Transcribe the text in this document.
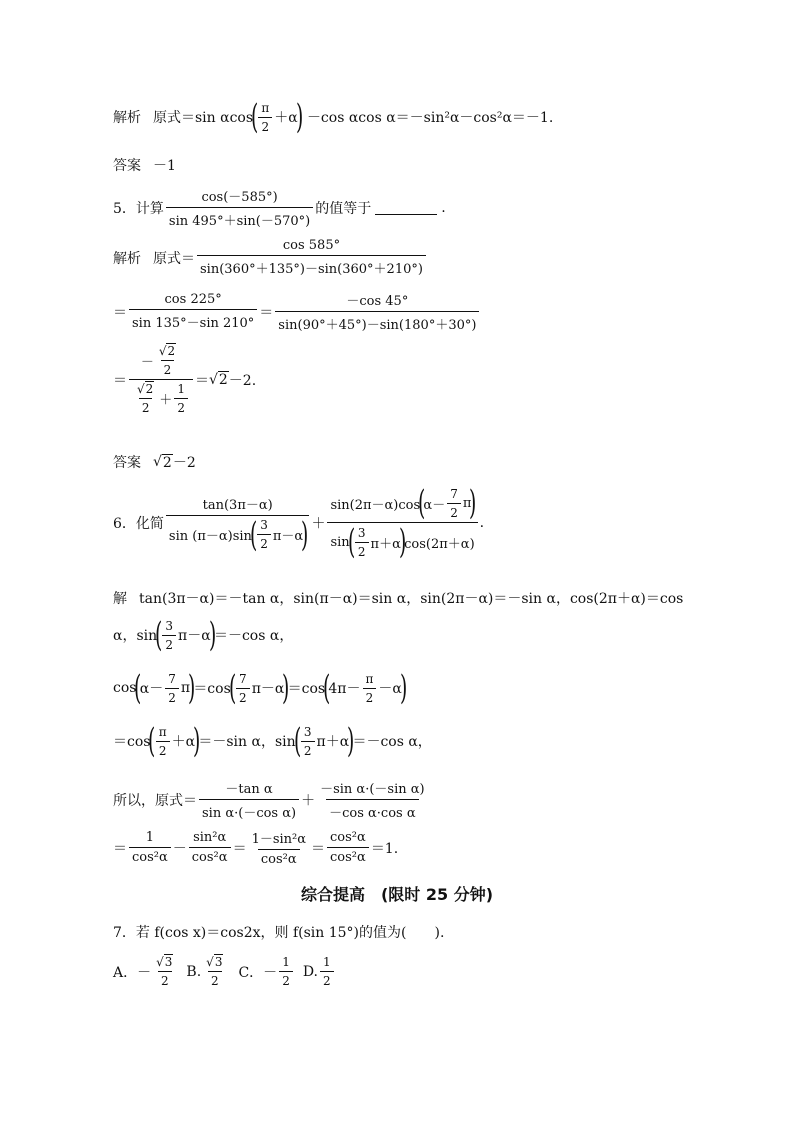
解析 原式＝sin αcos
( $\frac{\pi}{2} +\alpha$
) －cos αcos α＝－sin²α－cos²α＝－1.
答案 －1
5．计算 $\frac{\cos(-585^\circ)}{\sin 495^\circ+\sin(-570^\circ)}$ 的值等于	.
解析 原式＝ $\frac{\cos 585^\circ}{\sin(360^\circ+135^\circ)-\sin(360^\circ+210^\circ)}$
＝ $\frac{\cos 225^\circ}{\sin 135^\circ-\sin 210^\circ} = \frac{-\cos 45^\circ}{\sin(90^\circ+45^\circ)-\sin(180^\circ+30^\circ)}$
＝ $\frac{- \frac{√2}{2}}{\frac{√2}{2} + \frac{1}{2}}$ ＝ √ 2 －2.
答案 √ 2 －2
6．化简 tan(3π－α)
sin (π－α)sin
( $\frac{3}{2} \pi-\alpha$
) ＋
sin(2π－α)cos
(
$\alpha- \frac{7}{2}$ π
)
sin
( $\frac{3}{2} \pi+\alpha$
)
cos(2π＋α)
.
解 tan(3π－α)＝－tan α，sin(π－α)＝sin α，sin(2π－α)＝－sin α，cos(2π＋α)＝cos
α，sin
( $\frac{3}{2} \pi-\alpha$
)
＝－cos α，
cos
(
$\alpha- \frac{7}{2}$ π
)
＝cos
( $\frac{7}{2} \pi-\alpha$
)
＝cos
(
$4\pi- \frac{\pi}{2} -\alpha$
)
＝cos
( $\frac{\pi}{2} +\alpha$
)
＝－sin α，sin
( $\frac{3}{2} \pi+\alpha$
)
＝－cos α，
所以，原式＝ $\frac{\text{－tan α}}{\text{sin α·(－cos α)}} + \frac{\text{－sin α·(－sin α)}}{\text{－cos α·cos α}}$
＝ $\frac{1}{\text{cos²α}} - \frac{\text{sin²α}}{\text{cos²α}} = \frac{\text{1－sin²α}}{\text{cos²α}} = \frac{\text{cos²α}}{\text{cos²α}} =1$.
综合提高　(限时 25 分钟)
7．若 f(cos x)＝cos2x，则 f(sin 15°)的值为(　　).
A．－ $\frac{√3}{2} B$. $\frac{√3}{2}$ C．－ $\frac{1}{2} D$. $\frac{1}{2}$
